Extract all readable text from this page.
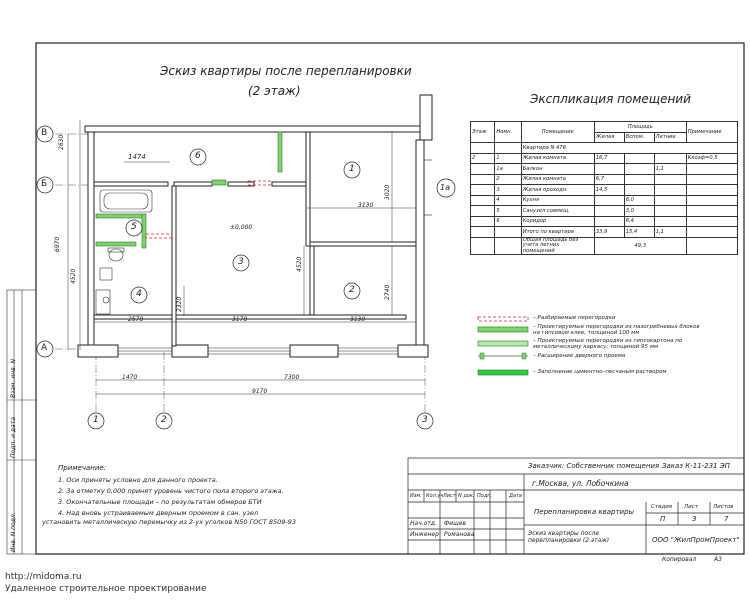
Эскиз квартиры после перепланировки
(2 этаж)
Экспликация помещений
Этаж	Номн.	Помещение	Площадь			Примечание
			Жилая	Вспом.	Летние	
		Квартира N 476				
2	1	Жилая комната	16,7			Ккоэф=0,5
	1а	Балкон			1,1	
	2	Жилая комната	6,7			
	3	Жилая проходн.	14,5			
	4	Кухня		6,0		
	5	Санузел совмещ.		3,0		
	6	Коридор		6,4		
		Итого по квартире	33,9	15,4	1,1	
		Общая площадь без учета летних помещений	49,3			
В
Б
А
1	2	3
1
1а
2
3
4
5
6
±0,000
1474
2630
6970
4520
3020
3130
4520
2740
2570
2320
3170	3130
1470	7300
9170
– Разбираемые перегородки
– Проектируемые перегородки из пазогребневых блоков на гипсовом клее, толщиной 100 мм
– Проектируемые перегородки из гипсокартона по металлическому каркасу, толщиной 95 мм
– Расширение дверного проема
– Заполнение цементно–песчаным раствором
Примечание:
1. Оси приняты условно для данного проекта.
2. За отметку 0,000 принят уровень чистого пола второго этажа.
3. Окончательные площади – по результатам обмеров БТИ
4. Над вновь устраиваемым дверным проемом в сан. узел
установить металлическую перемычку из 2-ух уголков N50 ГОСТ 8509-93
Инв. N подл.
Подп. и дата
Взам. инв. N
Заказчик: Собственник помещения Заказ К-11-231 ЭП
г.Москва, ул. Лобочкина
Изм. Кол.уч Лист N док. Подп.	Дата
Перепланировка квартиры
Стадия Лист	Листов
П	3	7
Эскиз квартиры после перепланировки (2 этаж)	ООО "ЖилПромПроект"
Нач.отд. Фищев
Инженер Романова
Копировал	А3
http://midoma.ru
Удаленное строительное проектирование
